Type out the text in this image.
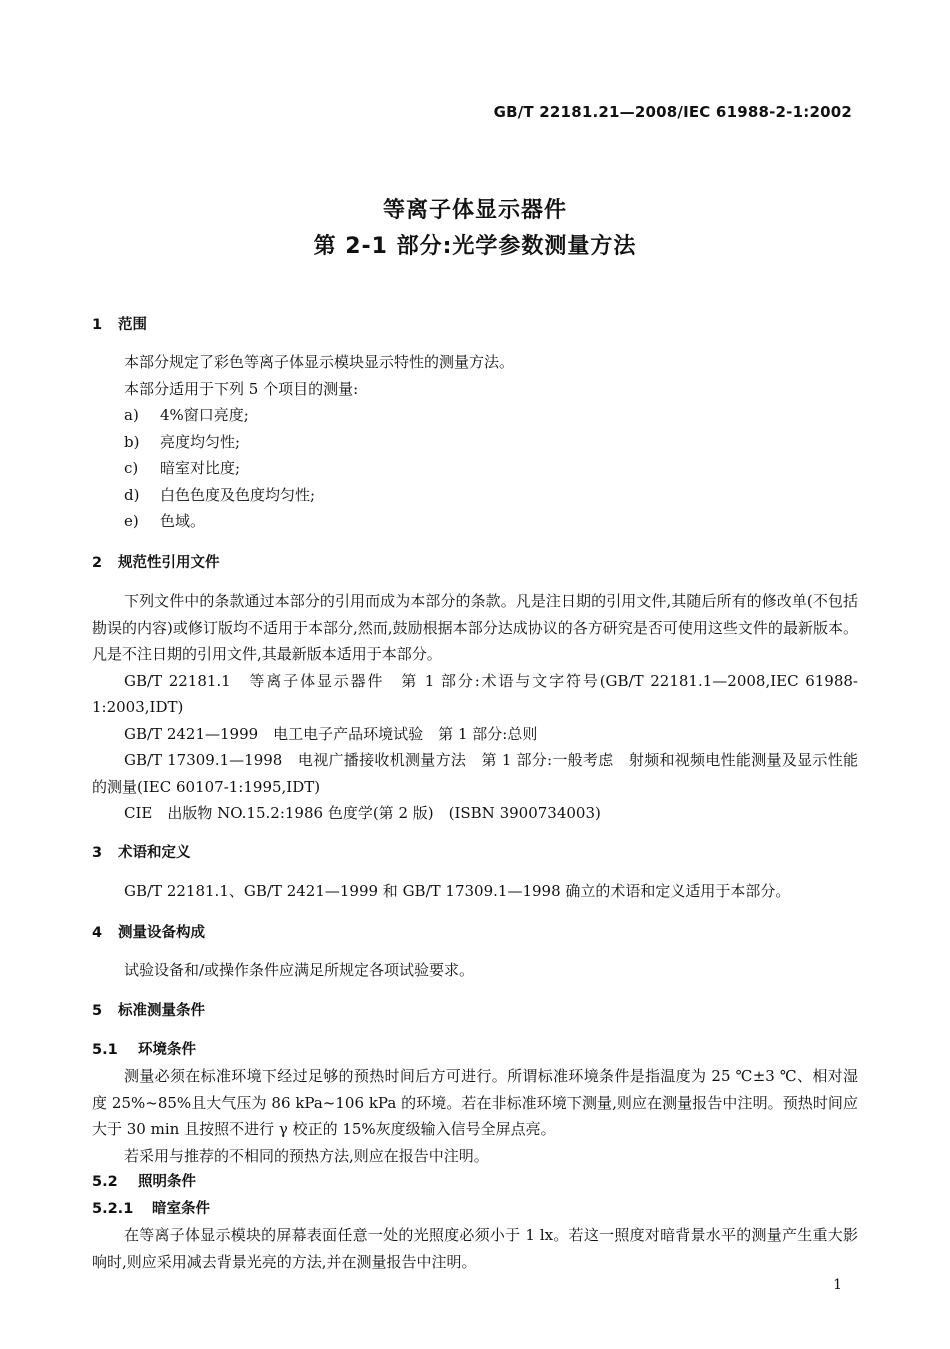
GB/T 22181.21—2008/IEC 61988-2-1:2002
等离子体显示器件
第 2-1 部分:光学参数测量方法
1 范围
本部分规定了彩色等离子体显示模块显示特性的测量方法。
本部分适用于下列 5 个项目的测量:
a) 4%窗口亮度;
b) 亮度均匀性;
c) 暗室对比度;
d) 白色色度及色度均匀性;
e) 色域。
2 规范性引用文件
下列文件中的条款通过本部分的引用而成为本部分的条款。凡是注日期的引用文件,其随后所有的修改单(不包括勘误的内容)或修订版均不适用于本部分,然而,鼓励根据本部分达成协议的各方研究是否可使用这些文件的最新版本。凡是不注日期的引用文件,其最新版本适用于本部分。
GB/T 22181.1　等离子体显示器件　第 1 部分:术语与文字符号(GB/T 22181.1—2008,IEC 61988-1:2003,IDT)
GB/T 2421—1999　电工电子产品环境试验　第 1 部分:总则
GB/T 17309.1—1998　电视广播接收机测量方法　第 1 部分:一般考虑　射频和视频电性能测量及显示性能的测量(IEC 60107-1:1995,IDT)
CIE　出版物 NO.15.2:1986 色度学(第 2 版)　(ISBN 3900734003)
3 术语和定义
GB/T 22181.1、GB/T 2421—1999 和 GB/T 17309.1—1998 确立的术语和定义适用于本部分。
4 测量设备构成
试验设备和/或操作条件应满足所规定各项试验要求。
5 标准测量条件
5.1 环境条件
测量必须在标准环境下经过足够的预热时间后方可进行。所谓标准环境条件是指温度为 25 ℃±3 ℃、相对湿度 25%~85%且大气压为 86 kPa~106 kPa 的环境。若在非标准环境下测量,则应在测量报告中注明。预热时间应大于 30 min 且按照不进行 γ 校正的 15%灰度级输入信号全屏点亮。
若采用与推荐的不相同的预热方法,则应在报告中注明。
5.2 照明条件
5.2.1 暗室条件
在等离子体显示模块的屏幕表面任意一处的光照度必须小于 1 lx。若这一照度对暗背景水平的测量产生重大影响时,则应采用减去背景光亮的方法,并在测量报告中注明。
1
